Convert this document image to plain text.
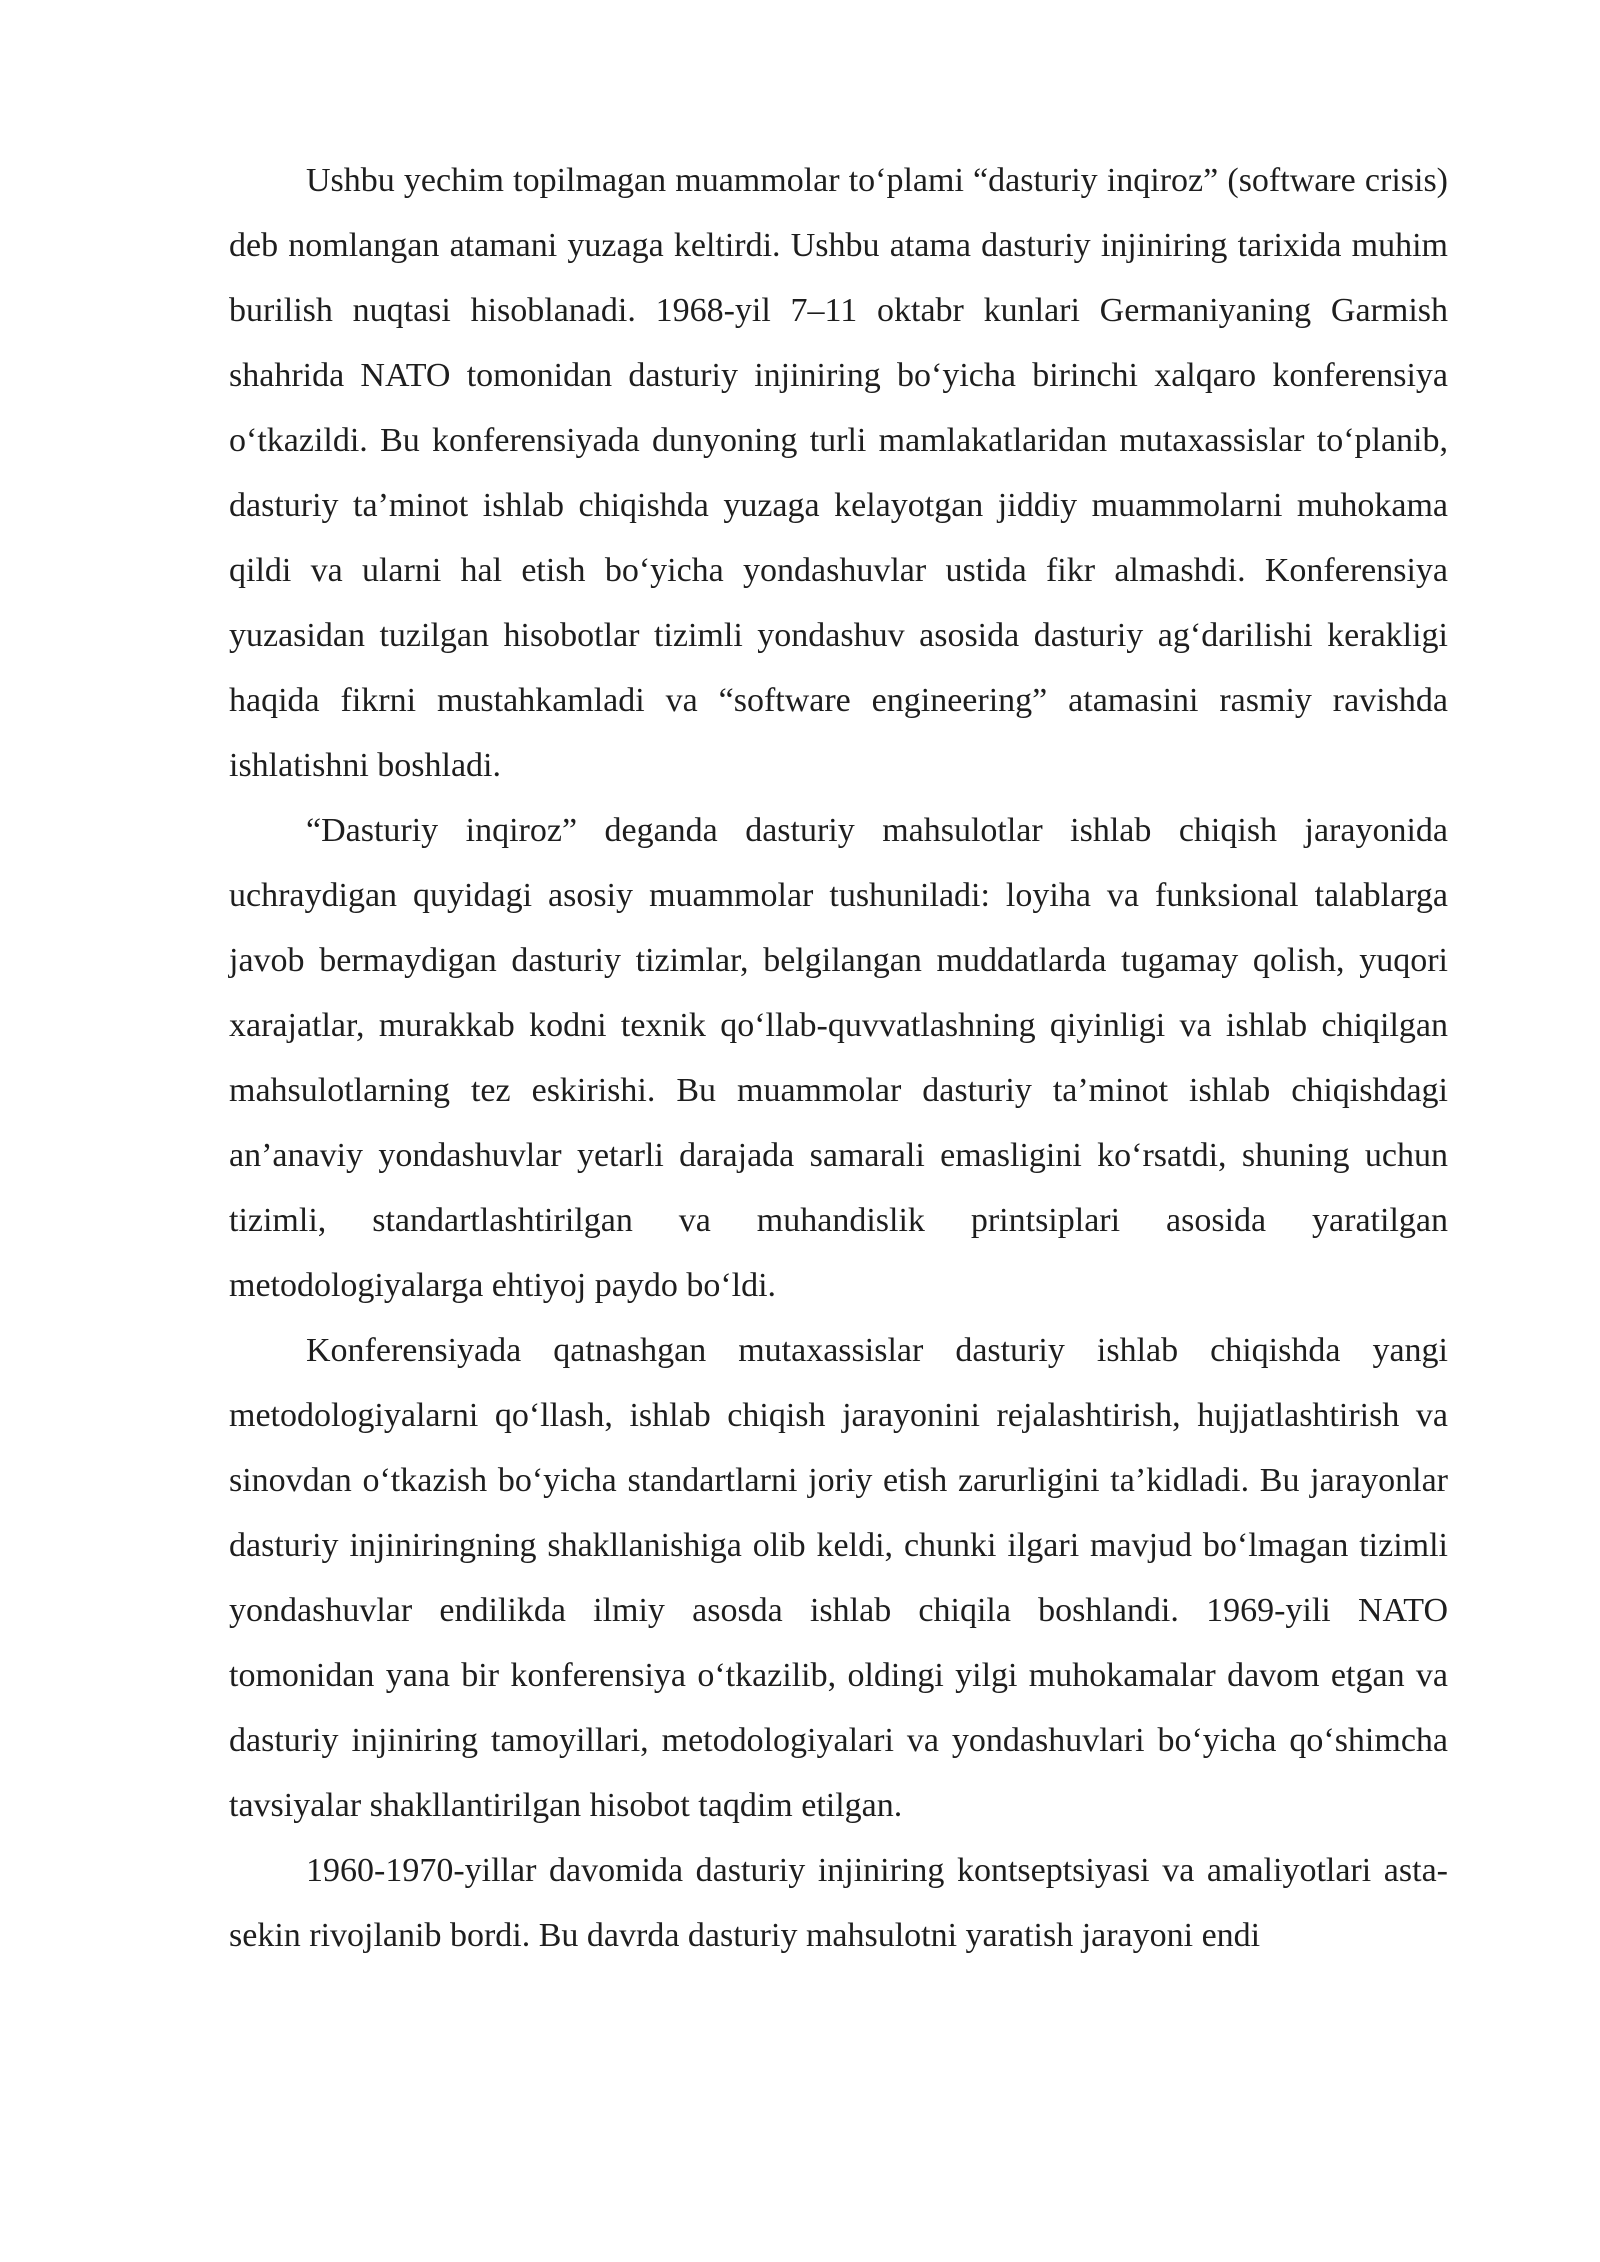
Ushbu yechim topilmagan muammolar to‘plami “dasturiy inqiroz” (software crisis) deb nomlangan atamani yuzaga keltirdi. Ushbu atama dasturiy injiniring tarixida muhim burilish nuqtasi hisoblanadi. 1968-yil 7–11 oktabr kunlari Germaniyaning Garmish shahrida NATO tomonidan dasturiy injiniring bo‘yicha birinchi xalqaro konferensiya o‘tkazildi. Bu konferensiyada dunyoning turli mamlakatlaridan mutaxassislar to‘planib, dasturiy ta’minot ishlab chiqishda yuzaga kelayotgan jiddiy muammolarni muhokama qildi va ularni hal etish bo‘yicha yondashuvlar ustida fikr almashdi. Konferensiya yuzasidan tuzilgan hisobotlar tizimli yondashuv asosida dasturiy ag‘darilishi kerakligi haqida fikrni mustahkamladi va “software engineering” atamasini rasmiy ravishda ishlatishni boshladi.

“Dasturiy inqiroz” deganda dasturiy mahsulotlar ishlab chiqish jarayonida uchraydigan quyidagi asosiy muammolar tushuniladi: loyiha va funksional talablarga javob bermaydigan dasturiy tizimlar, belgilangan muddatlarda tugamay qolish, yuqori xarajatlar, murakkab kodni texnik qo‘llab-quvvatlashning qiyinligi va ishlab chiqilgan mahsulotlarning tez eskirishi. Bu muammolar dasturiy ta’minot ishlab chiqishdagi an’anaviy yondashuvlar yetarli darajada samarali emasligini ko‘rsatdi, shuning uchun tizimli, standartlashtirilgan va muhandislik printsiplari asosida yaratilgan metodologiyalarga ehtiyoj paydo bo‘ldi.

Konferensiyada qatnashgan mutaxassislar dasturiy ishlab chiqishda yangi metodologiyalarni qo‘llash, ishlab chiqish jarayonini rejalashtirish, hujjatlashtirish va sinovdan o‘tkazish bo‘yicha standartlarni joriy etish zarurligini ta’kidladi. Bu jarayonlar dasturiy injiniringning shakllanishiga olib keldi, chunki ilgari mavjud bo‘lmagan tizimli yondashuvlar endilikda ilmiy asosda ishlab chiqila boshlandi. 1969-yili NATO tomonidan yana bir konferensiya o‘tkazilib, oldingi yilgi muhokamalar davom etgan va dasturiy injiniring tamoyillari, metodologiyalari va yondashuvlari bo‘yicha qo‘shimcha tavsiyalar shakllantirilgan hisobot taqdim etilgan.

1960-1970-yillar davomida dasturiy injiniring kontseptsiyasi va amaliyotlari asta-sekin rivojlanib bordi. Bu davrda dasturiy mahsulotni yaratish jarayoni endi
